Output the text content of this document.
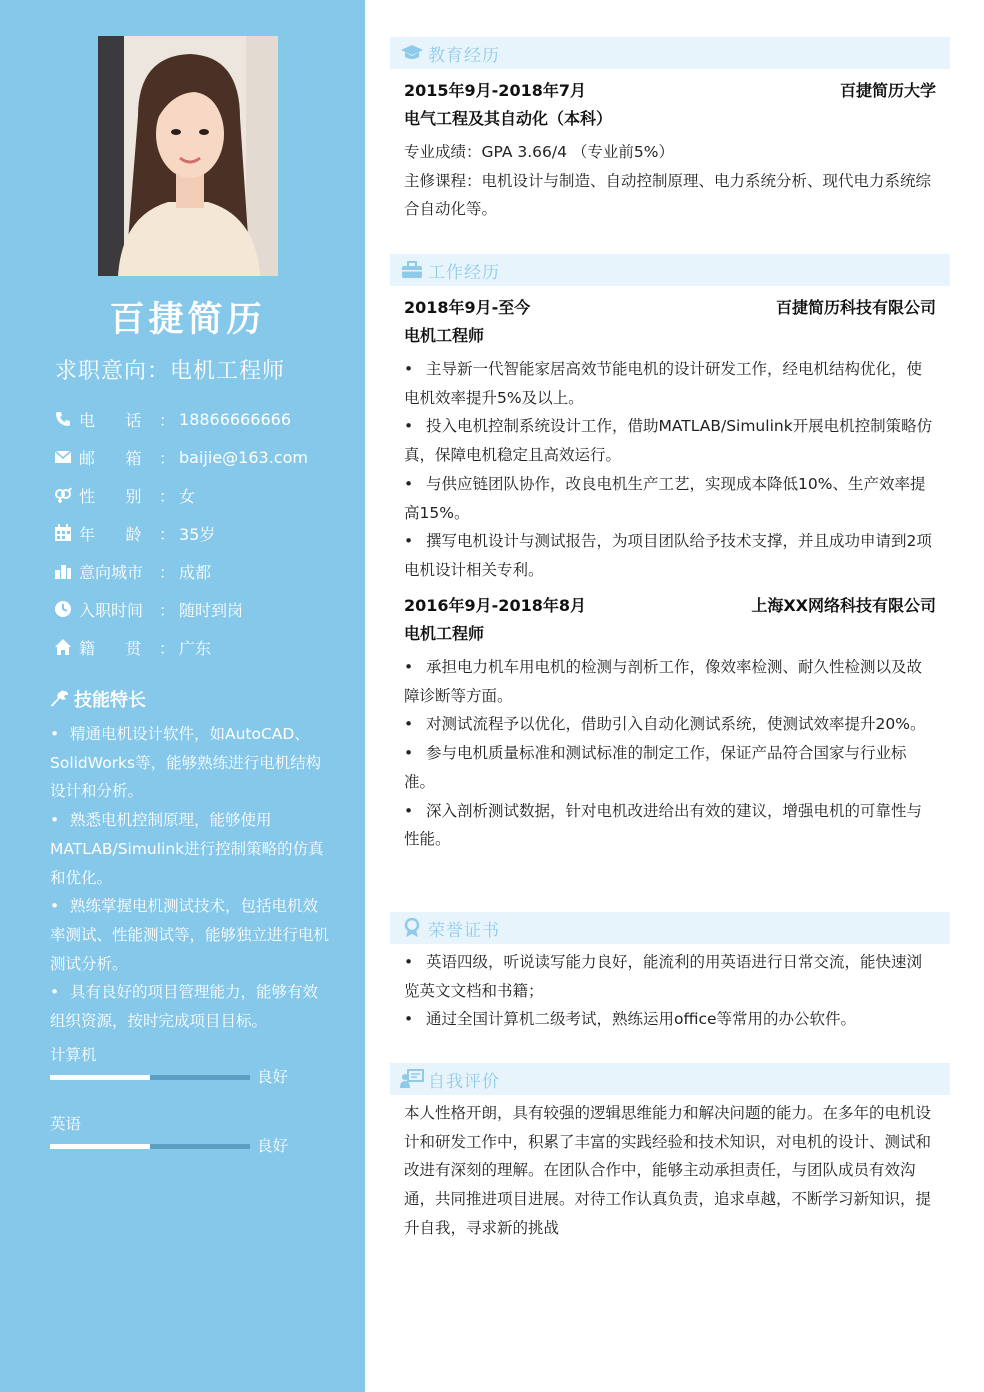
百捷简历
求职意向：电机工程师
电      话	： 18866666666
邮      箱	： baijie@163.com
性      别	： 女
年      龄	： 35岁
意向城市 ： 成都
入职时间 ： 随时到岗
籍      贯	： 广东
技能特长
• 精通电机设计软件，如AutoCAD、SolidWorks等，能够熟练进行电机结构设计和分析。
• 熟悉电机控制原理，能够使用MATLAB/Simulink进行控制策略的仿真和优化。
• 熟练掌握电机测试技术，包括电机效率测试、性能测试等，能够独立进行电机测试分析。
• 具有良好的项目管理能力，能够有效组织资源，按时完成项目目标。
计算机
良好
英语
良好
教育经历
2015年9月-2018年7月	百捷简历大学
电气工程及其自动化（本科）
专业成绩：GPA 3.66/4 （专业前5%）
主修课程：电机设计与制造、自动控制原理、电力系统分析、现代电力系统综合自动化等。
工作经历
2018年9月-至今	百捷简历科技有限公司
电机工程师
• 主导新一代智能家居高效节能电机的设计研发工作，经电机结构优化，使电机效率提升5%及以上。
• 投入电机控制系统设计工作，借助MATLAB/Simulink开展电机控制策略仿真，保障电机稳定且高效运行。
• 与供应链团队协作，改良电机生产工艺，实现成本降低10%、生产效率提高15%。
• 撰写电机设计与测试报告，为项目团队给予技术支撑，并且成功申请到2项电机设计相关专利。
2016年9月-2018年8月	上海XX网络科技有限公司
电机工程师
• 承担电力机车用电机的检测与剖析工作，像效率检测、耐久性检测以及故障诊断等方面。
• 对测试流程予以优化，借助引入自动化测试系统，使测试效率提升20%。
• 参与电机质量标准和测试标准的制定工作，保证产品符合国家与行业标准。
• 深入剖析测试数据，针对电机改进给出有效的建议，增强电机的可靠性与性能。
荣誉证书
• 英语四级，听说读写能力良好，能流利的用英语进行日常交流，能快速浏览英文文档和书籍；
• 通过全国计算机二级考试，熟练运用office等常用的办公软件。
自我评价
本人性格开朗，具有较强的逻辑思维能力和解决问题的能力。在多年的电机设计和研发工作中，积累了丰富的实践经验和技术知识，对电机的设计、测试和改进有深刻的理解。在团队合作中，能够主动承担责任，与团队成员有效沟通，共同推进项目进展。对待工作认真负责，追求卓越，不断学习新知识，提升自我，寻求新的挑战
